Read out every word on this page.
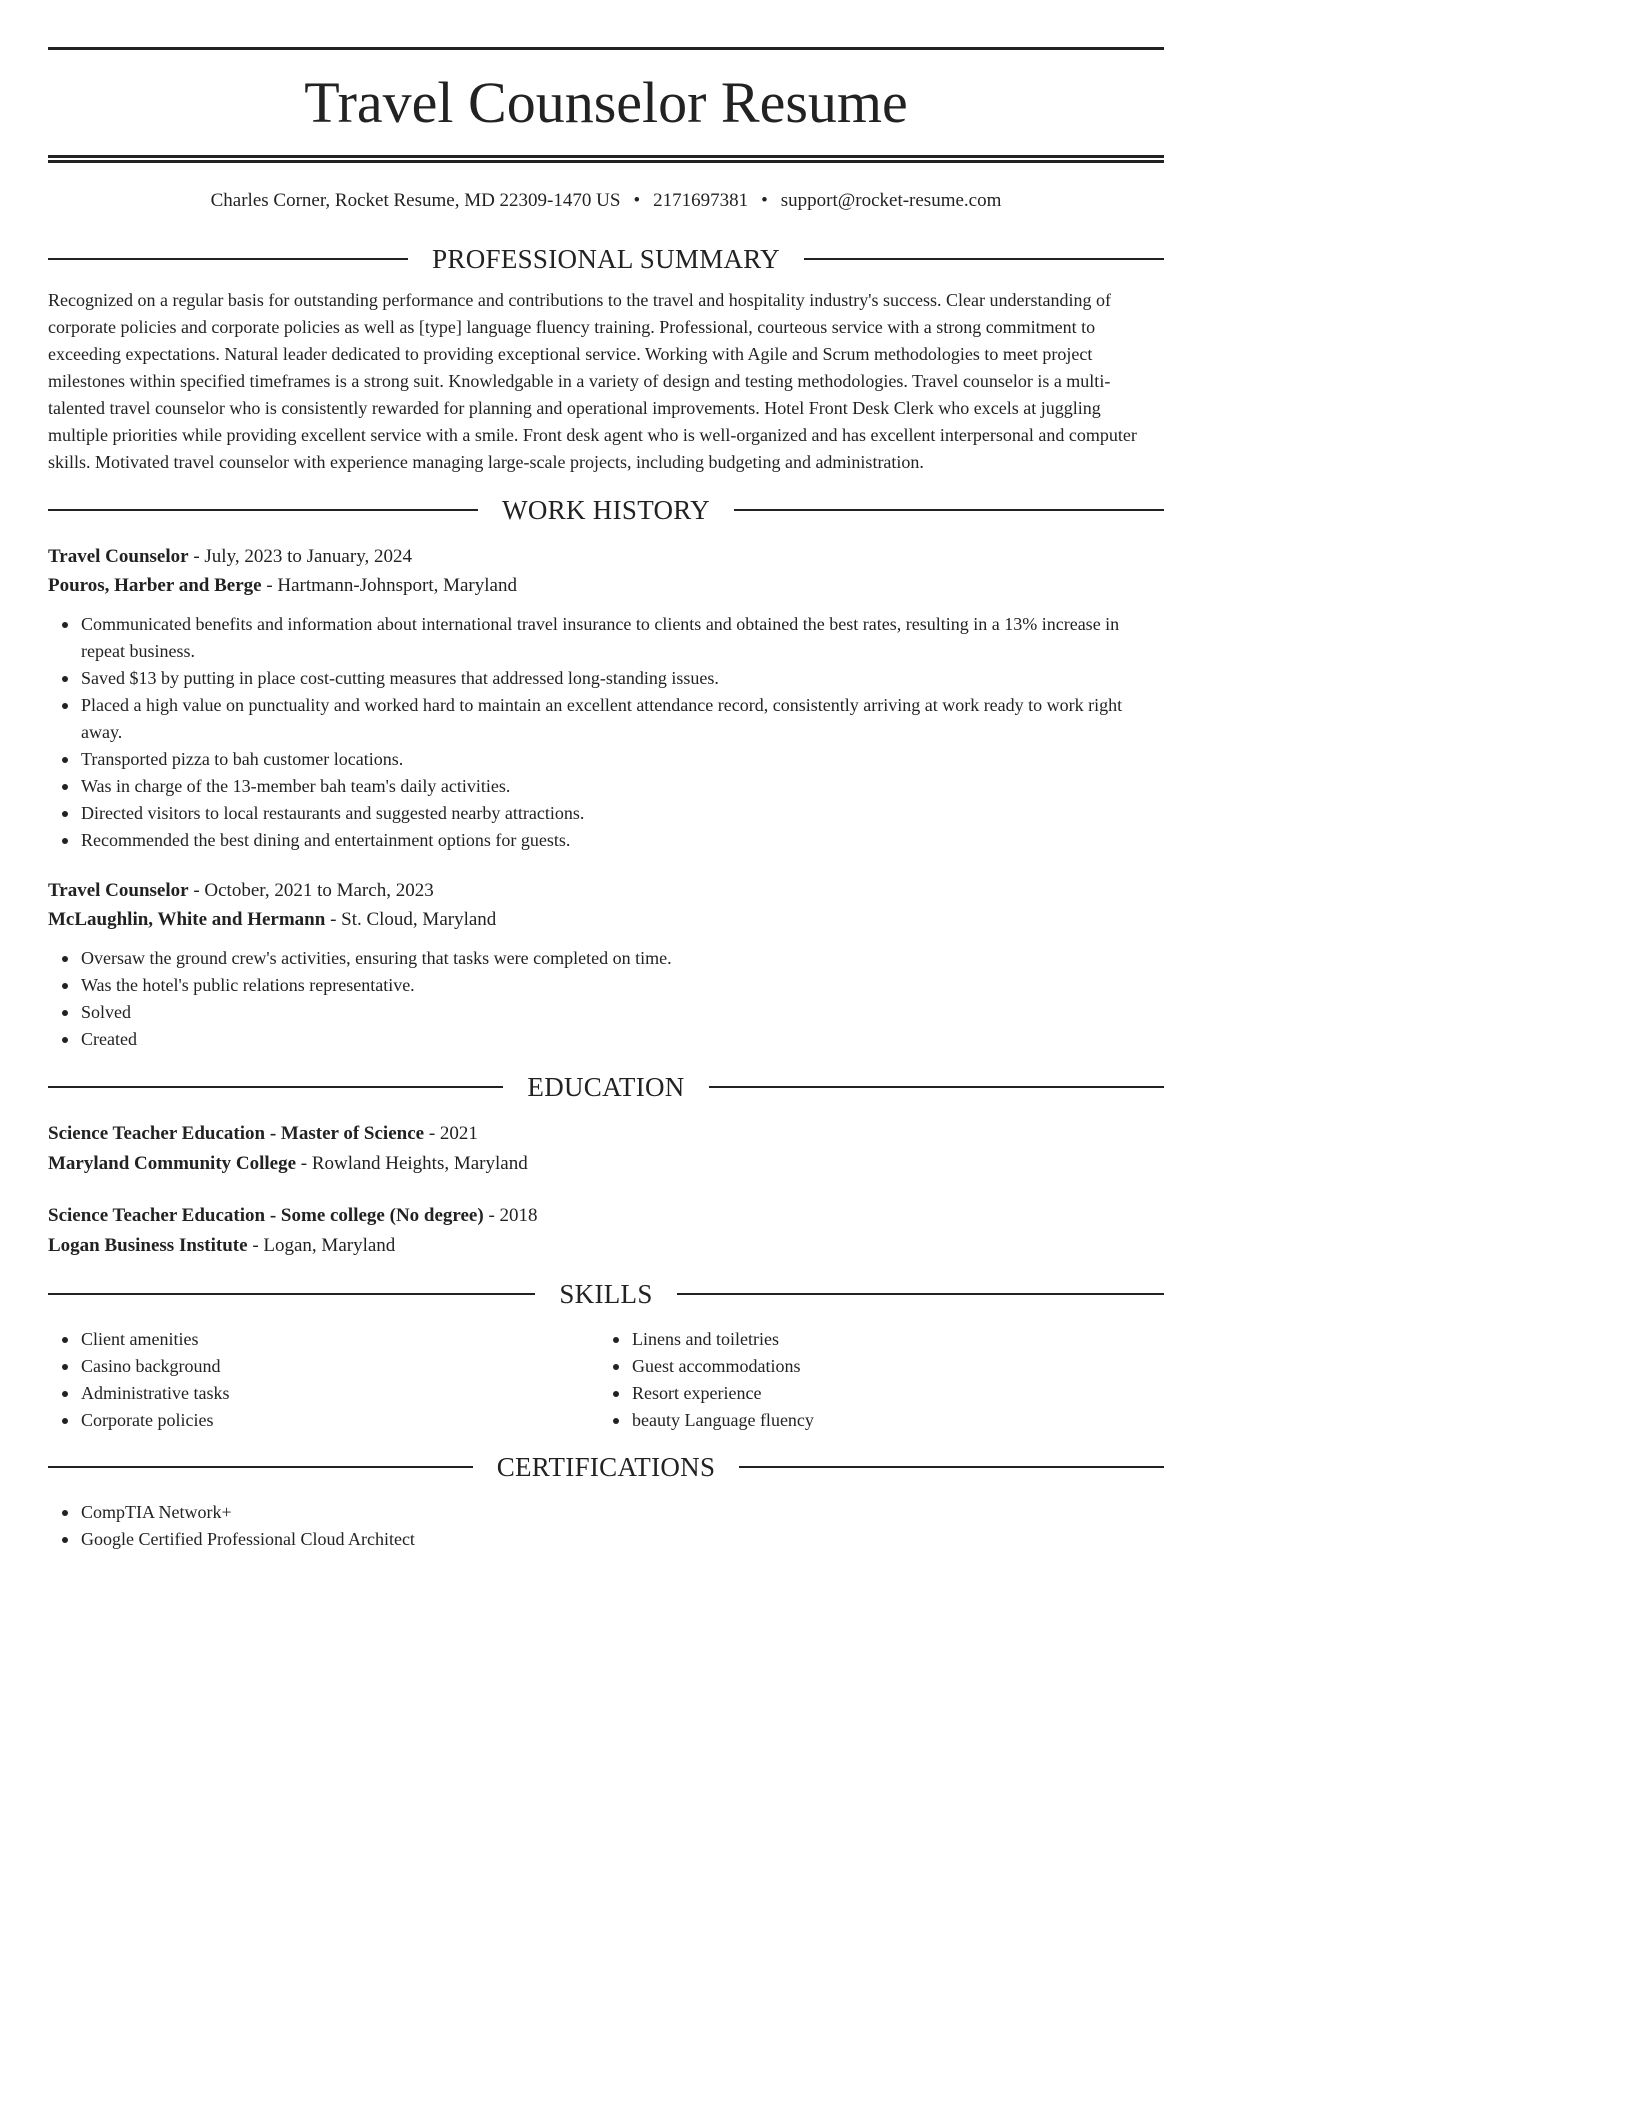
Travel Counselor Resume
Charles Corner, Rocket Resume, MD 22309-1470 US • 2171697381 • support@rocket-resume.com
PROFESSIONAL SUMMARY

Recognized on a regular basis for outstanding performance and contributions to the travel and hospitality industry's success. Clear understanding of corporate policies and corporate policies as well as [type] language fluency training. Professional, courteous service with a strong commitment to exceeding expectations. Natural leader dedicated to providing exceptional service. Working with Agile and Scrum methodologies to meet project milestones within specified timeframes is a strong suit. Knowledgable in a variety of design and testing methodologies. Travel counselor is a multi-talented travel counselor who is consistently rewarded for planning and operational improvements. Hotel Front Desk Clerk who excels at juggling multiple priorities while providing excellent service with a smile. Front desk agent who is well-organized and has excellent interpersonal and computer skills. Motivated travel counselor with experience managing large-scale projects, including budgeting and administration.

WORK HISTORY
Travel Counselor - July, 2023 to January, 2024
Pouros, Harber and Berge - Hartmann-Johnsport, Maryland
Communicated benefits and information about international travel insurance to clients and obtained the best rates, resulting in a 13% increase in repeat business.
Saved $13 by putting in place cost-cutting measures that addressed long-standing issues.
Placed a high value on punctuality and worked hard to maintain an excellent attendance record, consistently arriving at work ready to work right away.
Transported pizza to bah customer locations.
Was in charge of the 13-member bah team's daily activities.
Directed visitors to local restaurants and suggested nearby attractions.
Recommended the best dining and entertainment options for guests.
Travel Counselor - October, 2021 to March, 2023
McLaughlin, White and Hermann - St. Cloud, Maryland
Oversaw the ground crew's activities, ensuring that tasks were completed on time.
Was the hotel's public relations representative.
Solved
Created
EDUCATION
Science Teacher Education - Master of Science - 2021
Maryland Community College - Rowland Heights, Maryland
Science Teacher Education - Some college (No degree) - 2018
Logan Business Institute - Logan, Maryland
SKILLS
Client amenities
Casino background
Administrative tasks
Corporate policies
Linens and toiletries
Guest accommodations
Resort experience
beauty Language fluency
CERTIFICATIONS
CompTIA Network+
Google Certified Professional Cloud Architect
